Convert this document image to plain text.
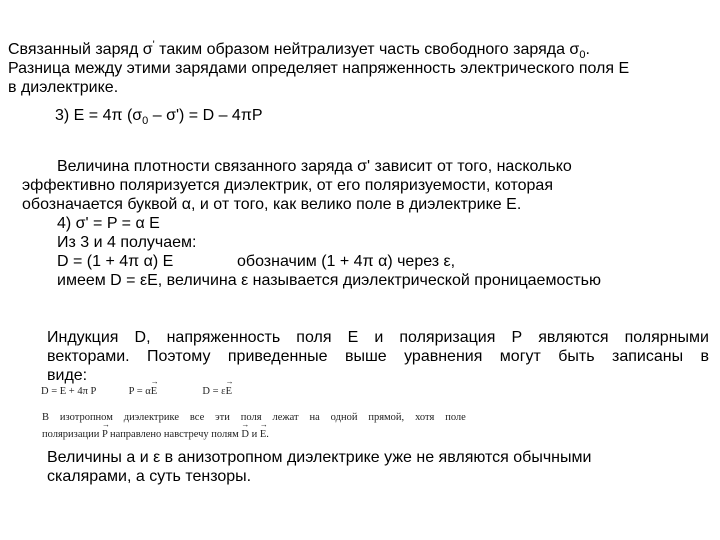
Связанный заряд σ' таким образом нейтрализует часть свободного заряда $\sigma_0$.
Разница между этими зарядами определяет напряженность электрического поля E
в диэлектрике.
3) E = 4π $(\sigma_0 - \sigma') = D - 4\pi P$
Величина плотности связанного заряда σ' зависит от того, насколько
эффективно поляризуется диэлектрик, от его поляризуемости, которая
обозначается буквой α, и от того, как велико поле в диэлектрике Е.
4) σ' = P = α E
Из 3 и 4 получаем:
D = (1 + 4π α) E	обозначим (1 + 4π α) через ε,
имеем D = εE, величина ε называется диэлектрической проницаемостью
Индукция D, напряженность поля E и поляризация P являются полярными
векторами. Поэтому приведенные выше уравнения могут быть записаны в
виде:
D = E + 4π P	P = α→ E	D = ε→ E
В изотропном диэлектрике все эти поля лежат на одной прямой, хотя поле
поляризации → P направлено навстречу полям → D и → E.
Величины a и ε в анизотропном диэлектрике уже не являются обычными
скалярами, а суть тензоры.
